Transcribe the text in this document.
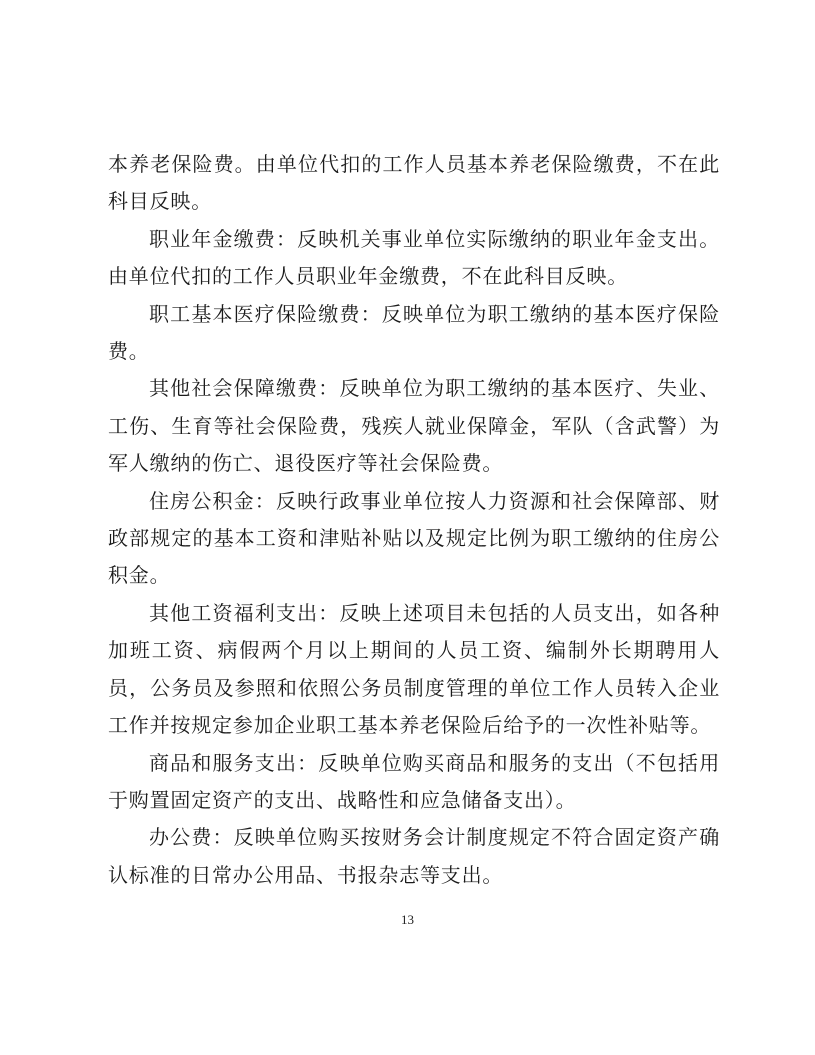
本养老保险费。由单位代扣的工作人员基本养老保险缴费，不在此科目反映。

职业年金缴费：反映机关事业单位实际缴纳的职业年金支出。由单位代扣的工作人员职业年金缴费，不在此科目反映。

职工基本医疗保险缴费：反映单位为职工缴纳的基本医疗保险费。

其他社会保障缴费：反映单位为职工缴纳的基本医疗、失业、工伤、生育等社会保险费，残疾人就业保障金，军队（含武警）为军人缴纳的伤亡、退役医疗等社会保险费。

住房公积金：反映行政事业单位按人力资源和社会保障部、财政部规定的基本工资和津贴补贴以及规定比例为职工缴纳的住房公积金。

其他工资福利支出：反映上述项目未包括的人员支出，如各种加班工资、病假两个月以上期间的人员工资、编制外长期聘用人员，公务员及参照和依照公务员制度管理的单位工作人员转入企业工作并按规定参加企业职工基本养老保险后给予的一次性补贴等。

商品和服务支出：反映单位购买商品和服务的支出（不包括用于购置固定资产的支出、战略性和应急储备支出）。

办公费：反映单位购买按财务会计制度规定不符合固定资产确认标准的日常办公用品、书报杂志等支出。

13
